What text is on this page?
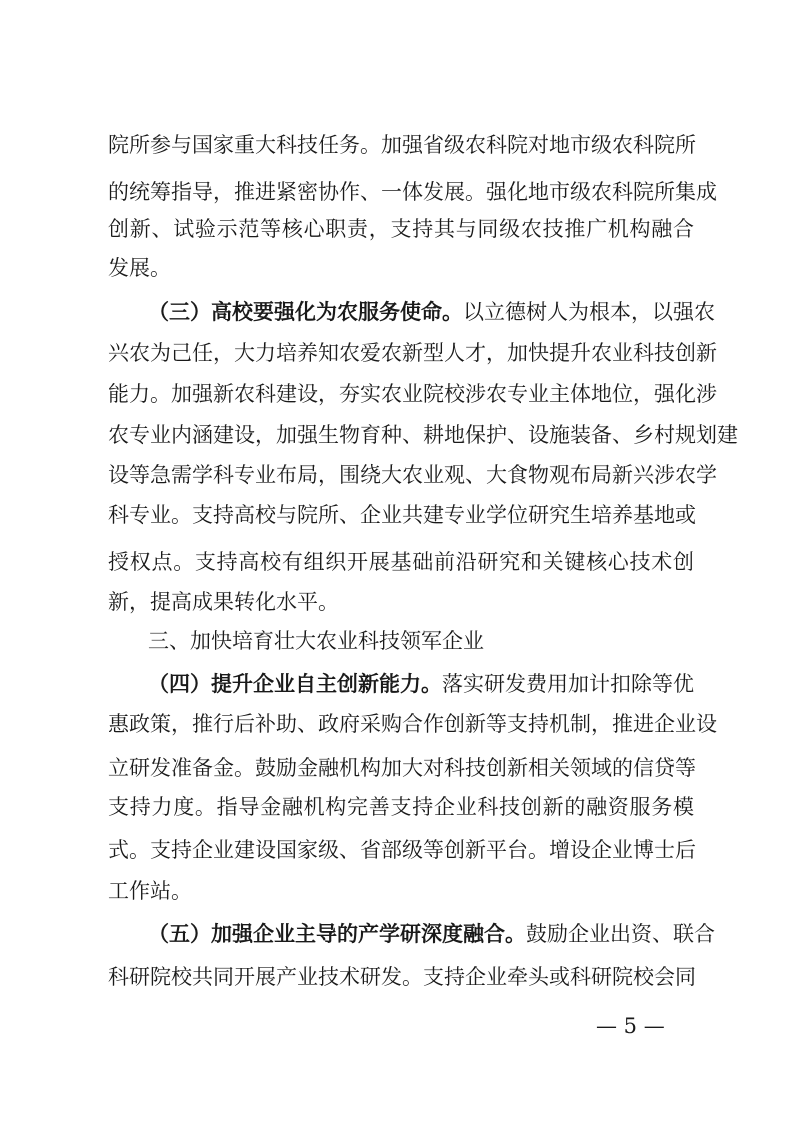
院所参与国家重大科技任务。加强省级农科院对地市级农科院所
的统筹指导，推进紧密协作、一体发展。强化地市级农科院所集成
创新、试验示范等核心职责，支持其与同级农技推广机构融合
发展。
（三）高校要强化为农服务使命。以立德树人为根本，以强农
兴农为己任，大力培养知农爱农新型人才，加快提升农业科技创新
能力。加强新农科建设，夯实农业院校涉农专业主体地位，强化涉
农专业内涵建设，加强生物育种、耕地保护、设施装备、乡村规划建
设等急需学科专业布局，围绕大农业观、大食物观布局新兴涉农学
科专业。支持高校与院所、企业共建专业学位研究生培养基地或
授权点。支持高校有组织开展基础前沿研究和关键核心技术创
新，提高成果转化水平。
三、加快培育壮大农业科技领军企业
（四）提升企业自主创新能力。落实研发费用加计扣除等优
惠政策，推行后补助、政府采购合作创新等支持机制，推进企业设
立研发准备金。鼓励金融机构加大对科技创新相关领域的信贷等
支持力度。指导金融机构完善支持企业科技创新的融资服务模
式。支持企业建设国家级、省部级等创新平台。增设企业博士后
工作站。
（五）加强企业主导的产学研深度融合。鼓励企业出资、联合
科研院校共同开展产业技术研发。支持企业牵头或科研院校会同
— 5 —
